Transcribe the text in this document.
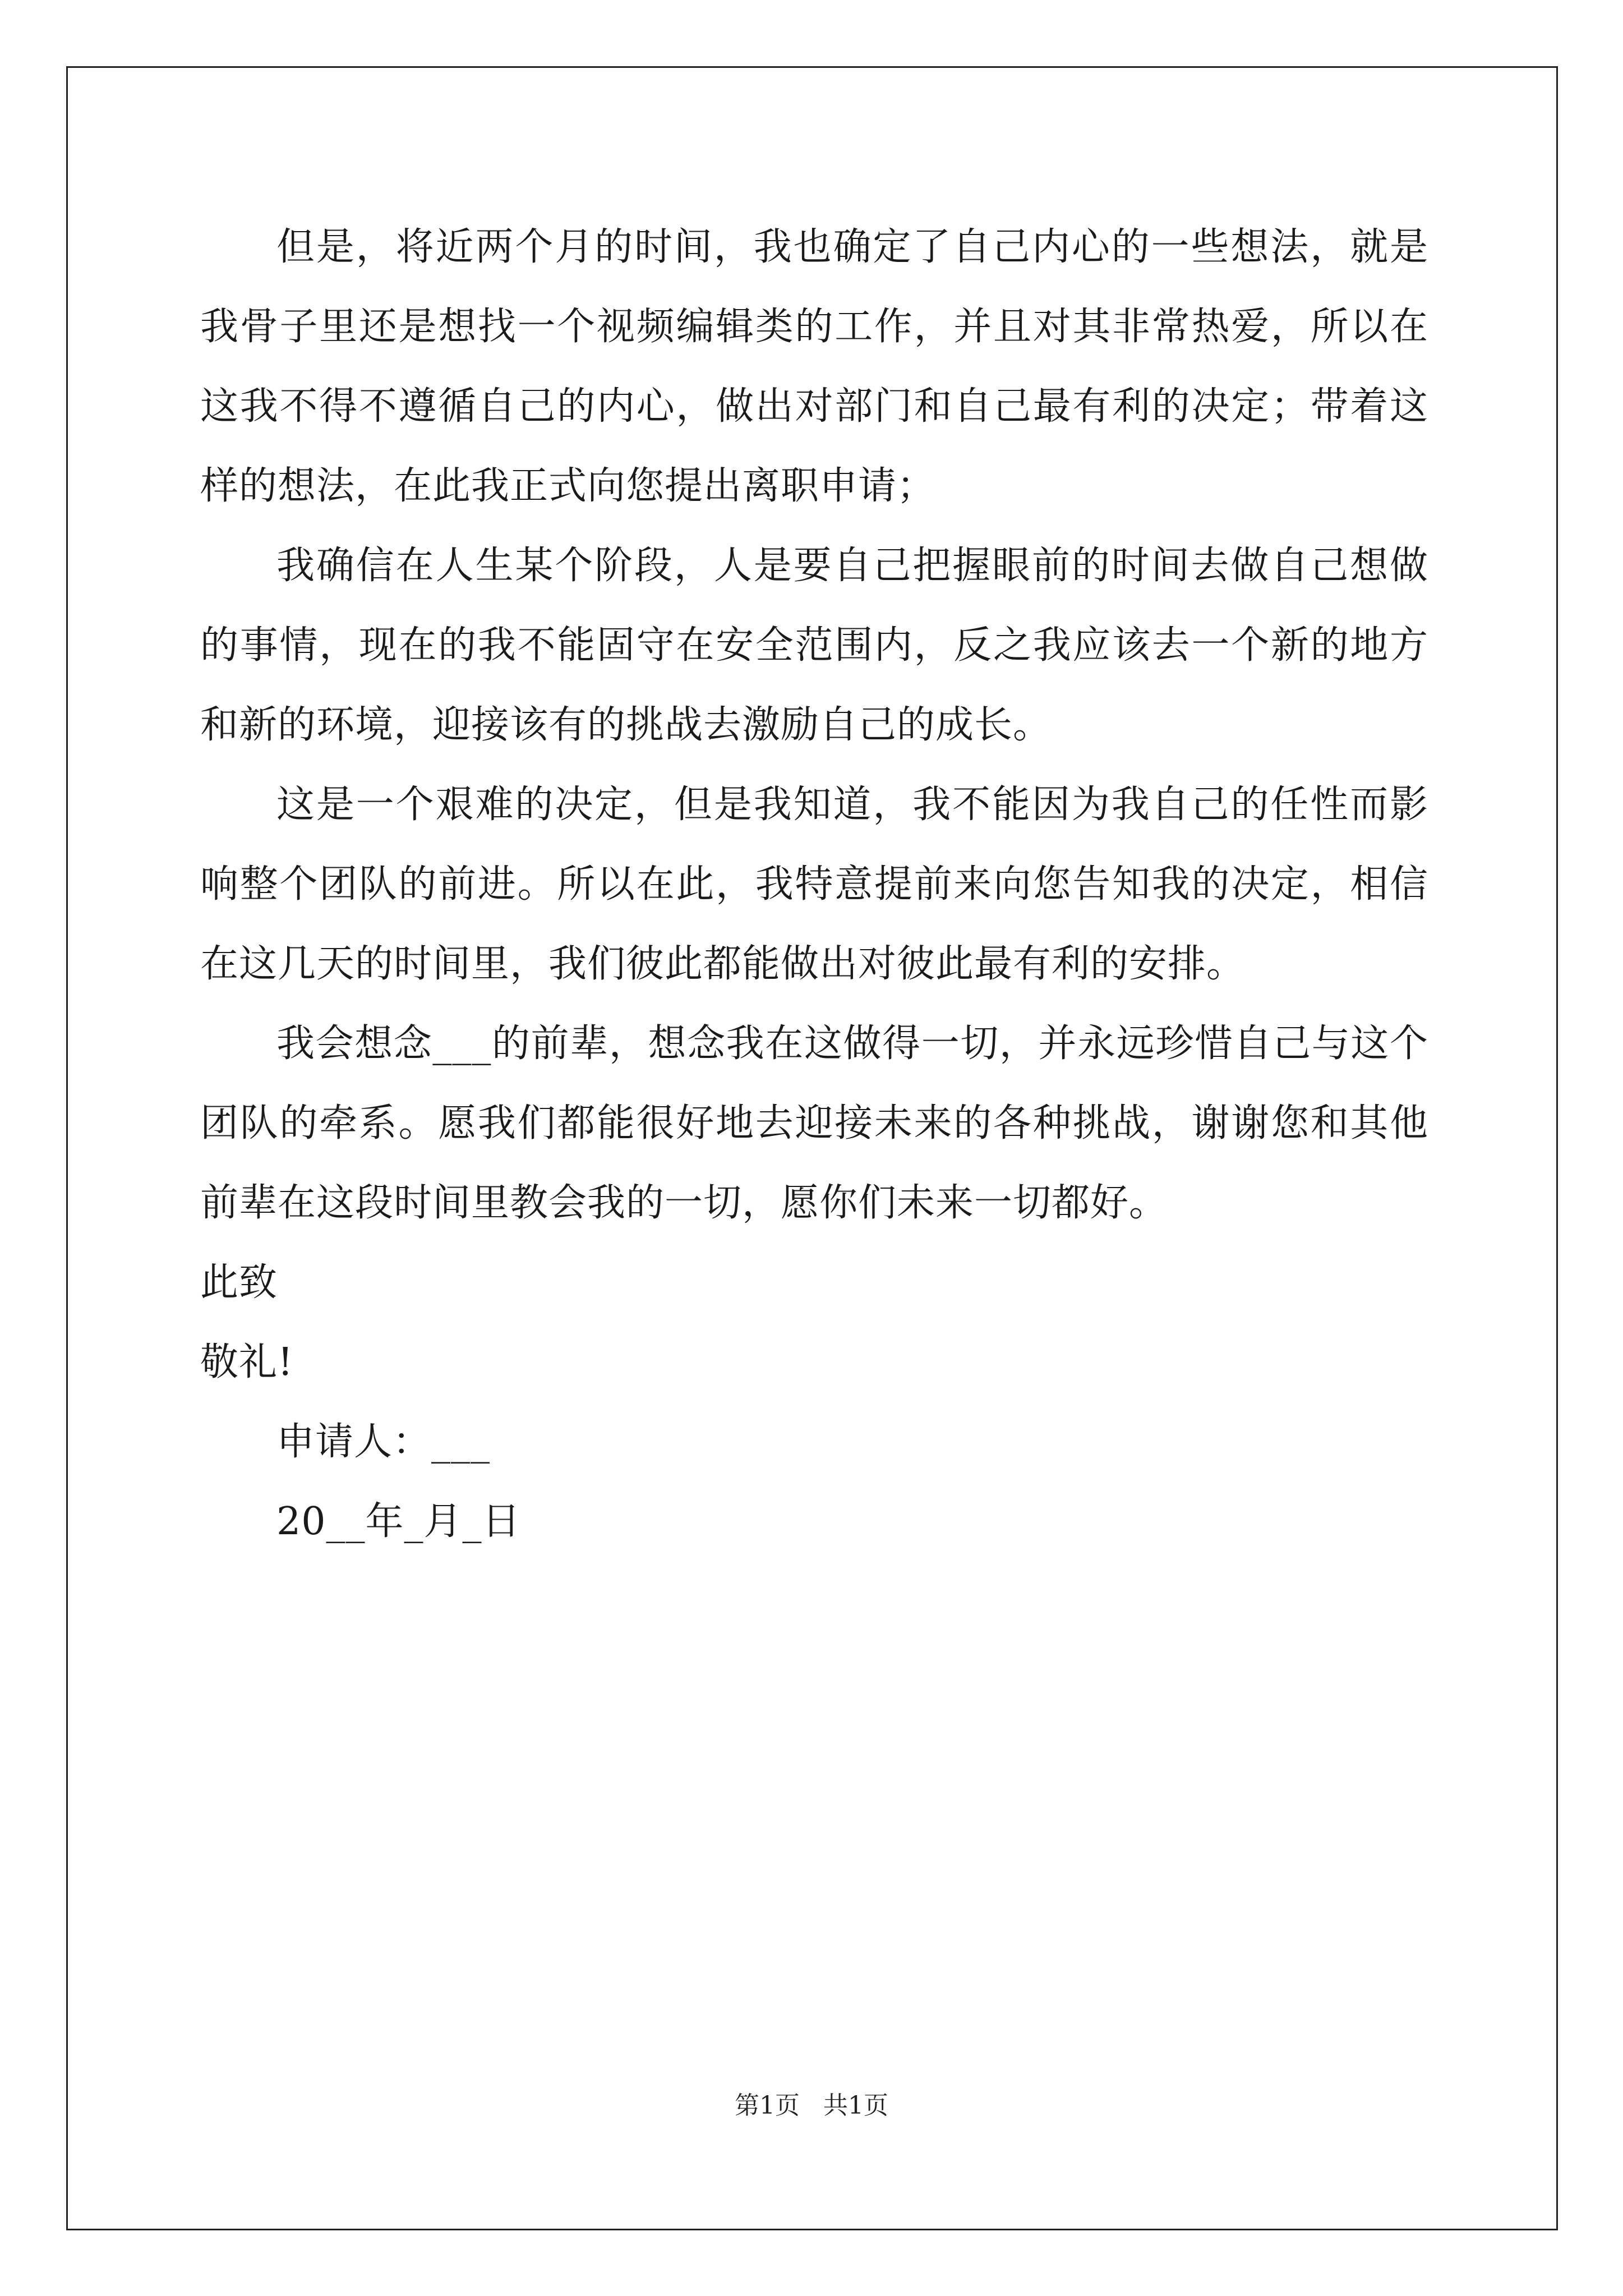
但是，将近两个月的时间，我也确定了自己内心的一些想法，就是我骨子里还是想找一个视频编辑类的工作，并且对其非常热爱，所以在这我不得不遵循自己的内心，做出对部门和自己最有利的决定；带着这样的想法，在此我正式向您提出离职申请；

我确信在人生某个阶段，人是要自己把握眼前的时间去做自己想做的事情，现在的我不能固守在安全范围内，反之我应该去一个新的地方和新的环境，迎接该有的挑战去激励自己的成长。

这是一个艰难的决定，但是我知道，我不能因为我自己的任性而影响整个团队的前进。所以在此，我特意提前来向您告知我的决定，相信在这几天的时间里，我们彼此都能做出对彼此最有利的安排。

我会想念___的前辈，想念我在这做得一切，并永远珍惜自己与这个团队的牵系。愿我们都能很好地去迎接未来的各种挑战，谢谢您和其他前辈在这段时间里教会我的一切，愿你们未来一切都好。

此致

敬礼!

申请人：___

20__年_月_日

第1页 共1页
